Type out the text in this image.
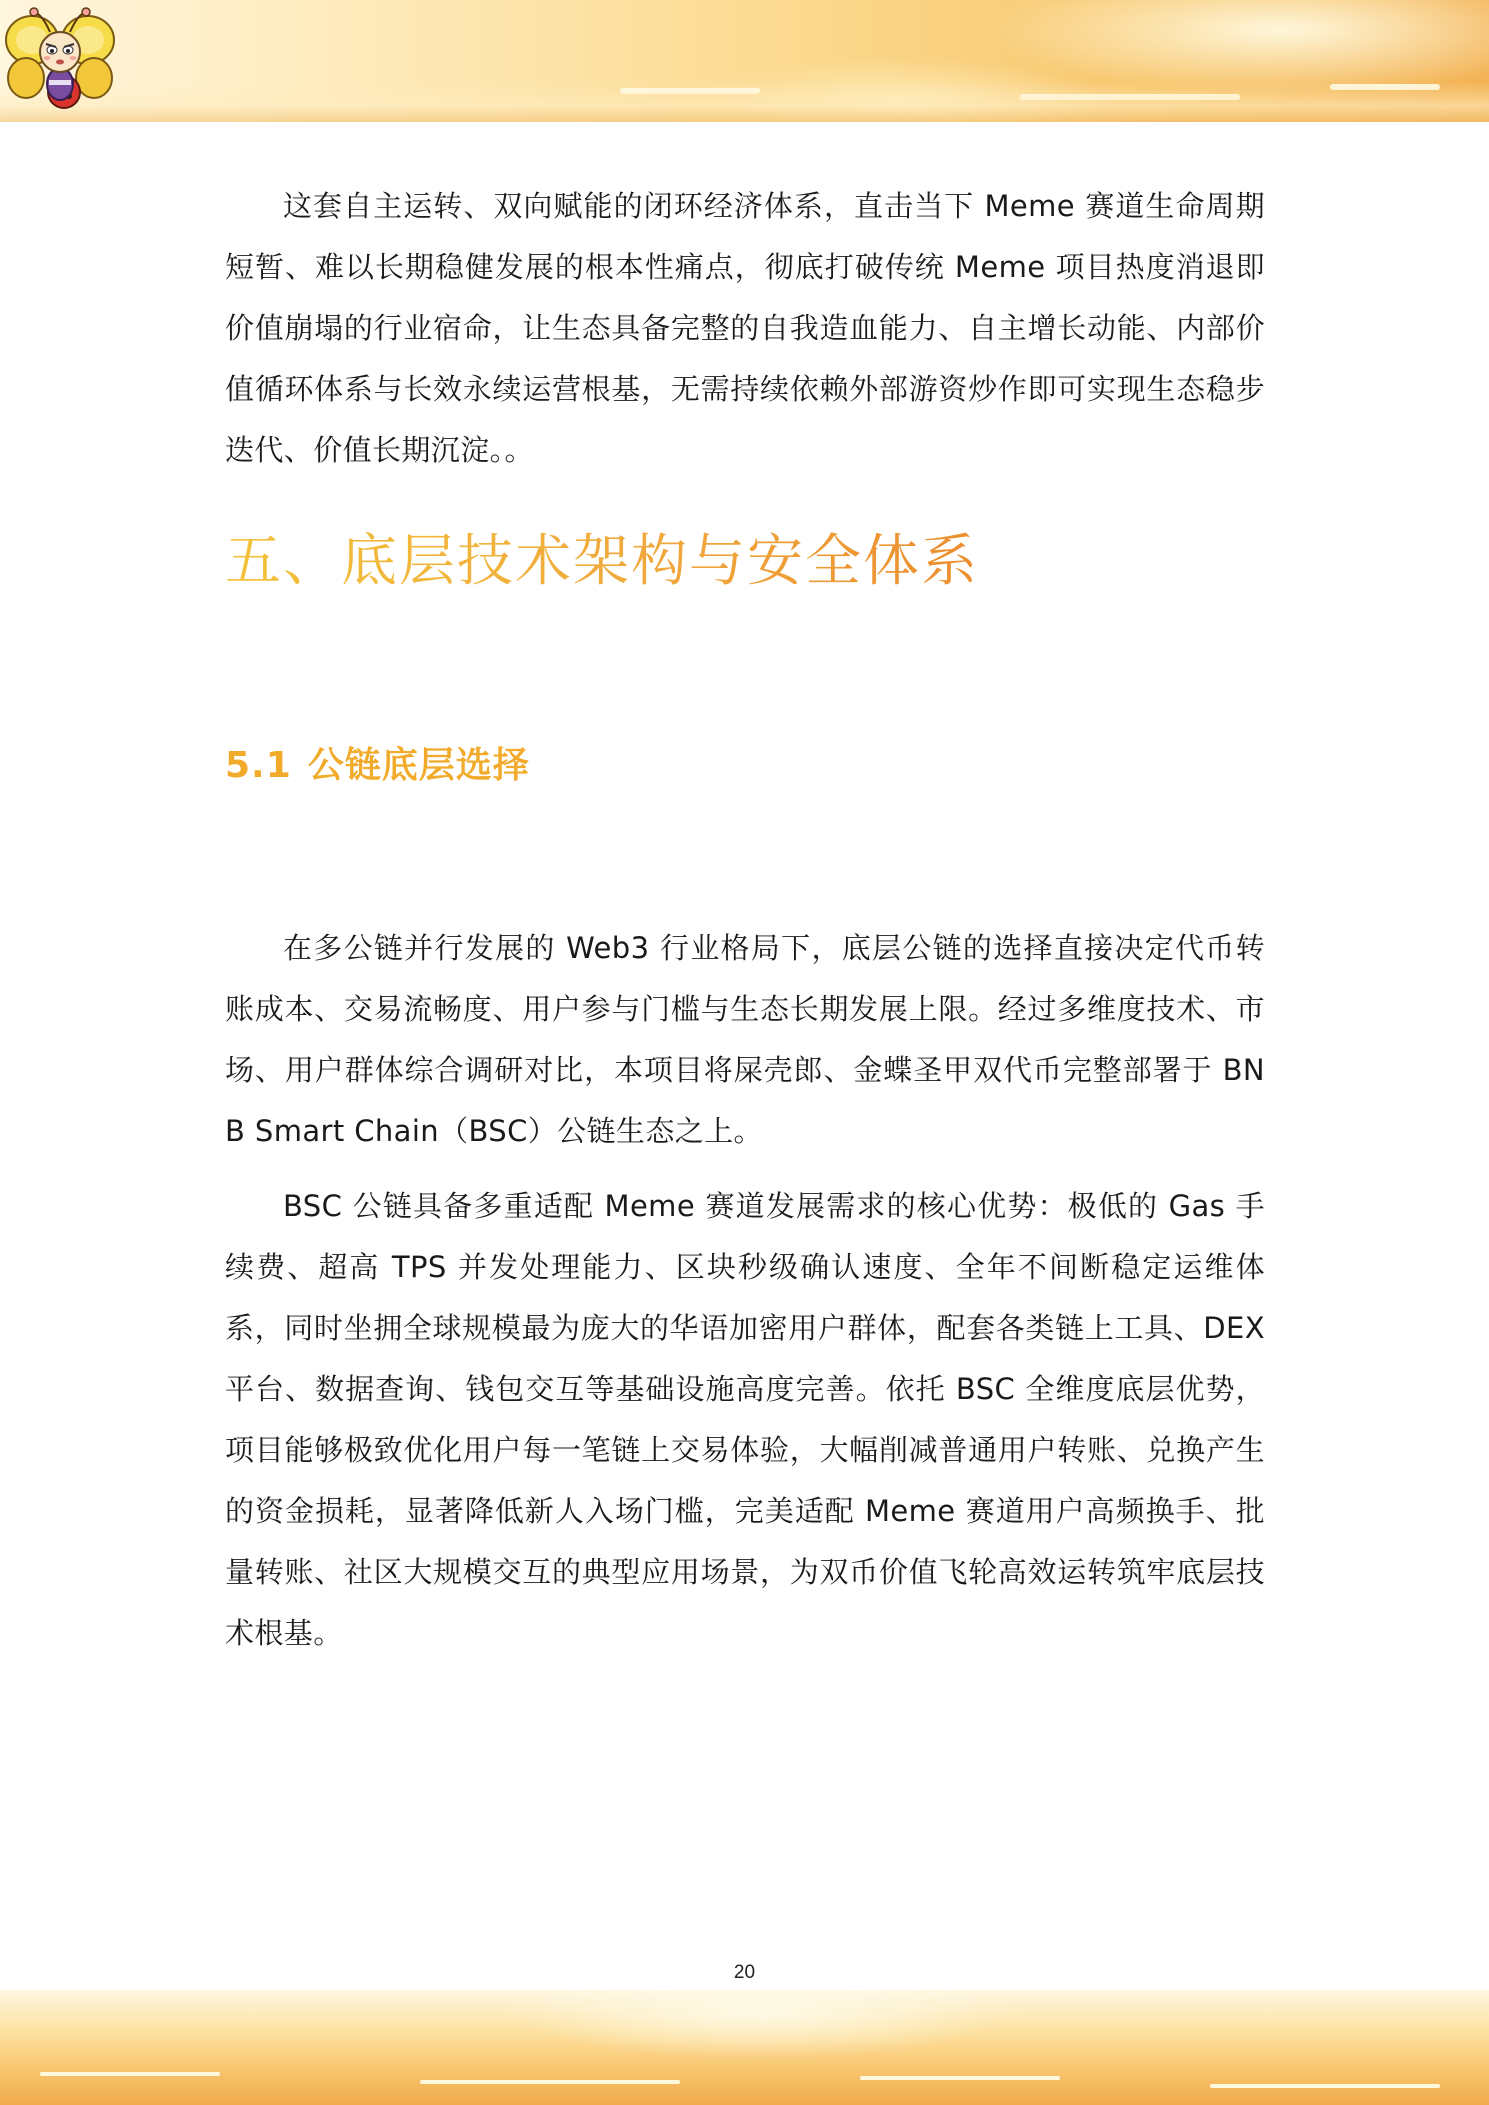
这套自主运转、双向赋能的闭环经济体系，直击当下 Meme 赛道生命周期短暂、难以长期稳健发展的根本性痛点，彻底打破传统 Meme 项目热度消退即价值崩塌的行业宿命，让生态具备完整的自我造血能力、自主增长动能、内部价值循环体系与长效永续运营根基，无需持续依赖外部游资炒作即可实现生态稳步迭代、价值长期沉淀。。

五、底层技术架构与安全体系
5.1 公链底层选择

在多公链并行发展的 Web3 行业格局下，底层公链的选择直接决定代币转账成本、交易流畅度、用户参与门槛与生态长期发展上限。经过多维度技术、市场、用户群体综合调研对比，本项目将屎壳郎、金蝶圣甲双代币完整部署于 BNB Smart Chain（BSC）公链生态之上。

BSC 公链具备多重适配 Meme 赛道发展需求的核心优势：极低的 Gas 手续费、超高 TPS 并发处理能力、区块秒级确认速度、全年不间断稳定运维体系，同时坐拥全球规模最为庞大的华语加密用户群体，配套各类链上工具、DEX 平台、数据查询、钱包交互等基础设施高度完善。依托 BSC 全维度底层优势，项目能够极致优化用户每一笔链上交易体验，大幅削减普通用户转账、兑换产生的资金损耗，显著降低新人入场门槛，完美适配 Meme 赛道用户高频换手、批量转账、社区大规模交互的典型应用场景，为双币价值飞轮高效运转筑牢底层技术根基。

20
